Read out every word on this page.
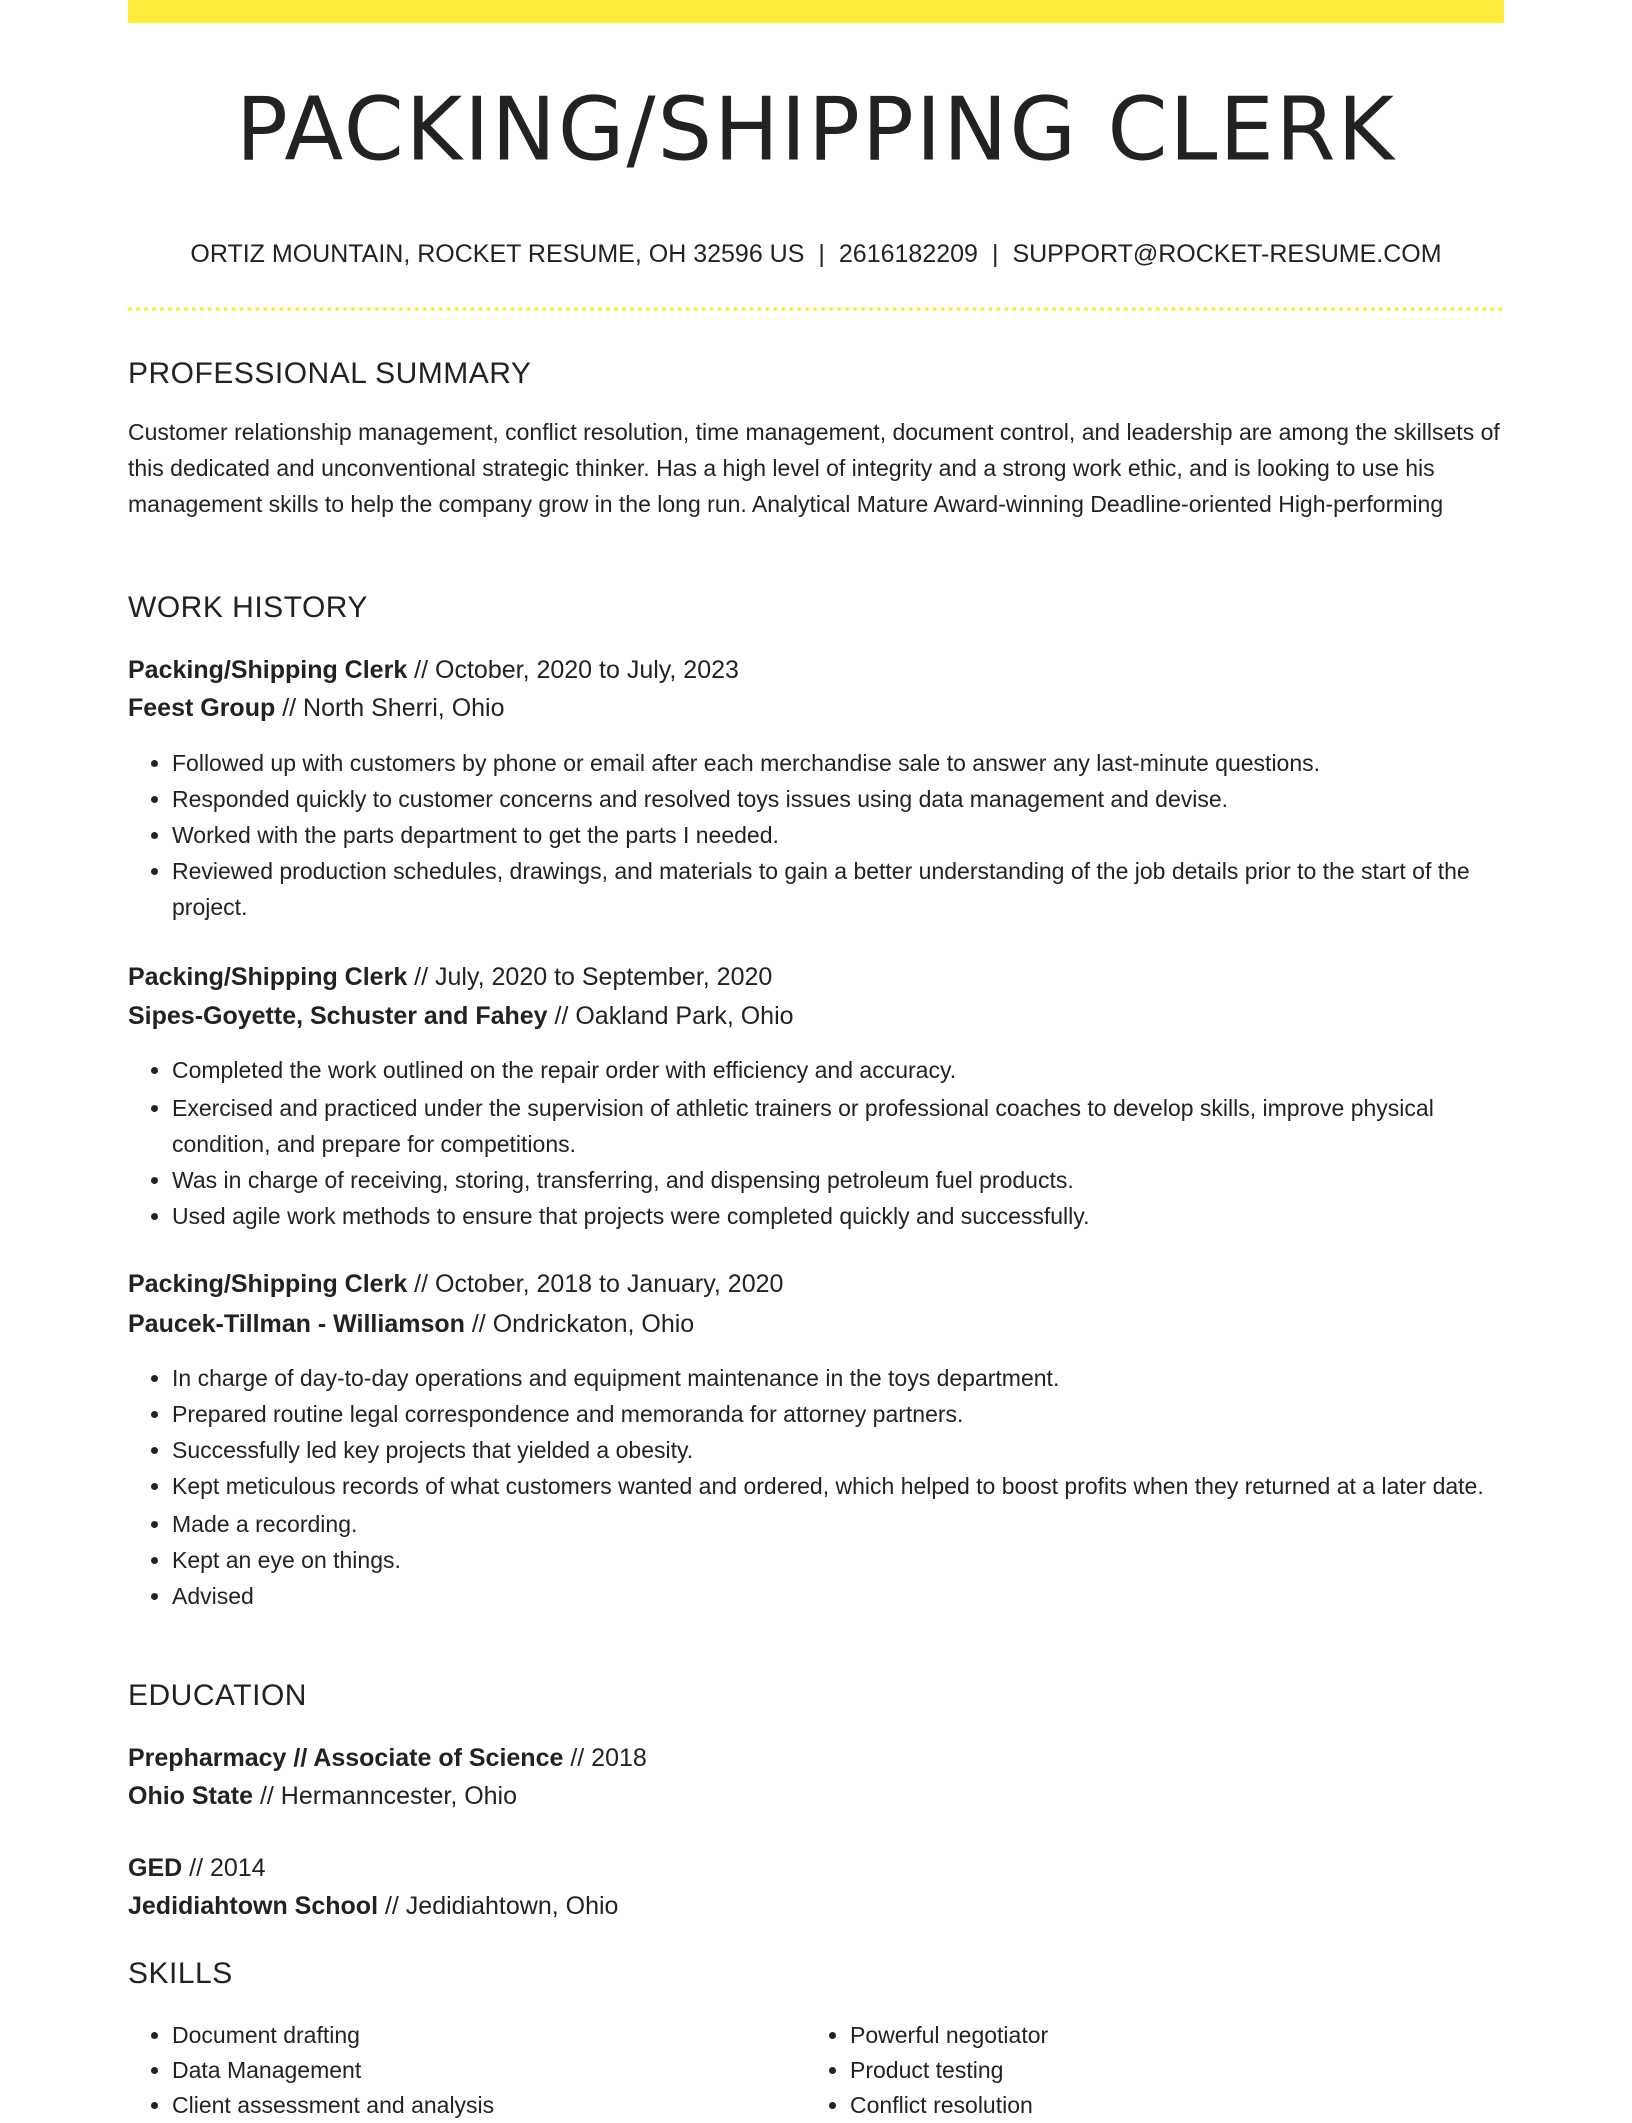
PACKING/SHIPPING CLERK
ORTIZ MOUNTAIN, ROCKET RESUME, OH 32596 US | 2616182209 | SUPPORT@ROCKET-RESUME.COM
PROFESSIONAL SUMMARY
Customer relationship management, conflict resolution, time management, document control, and leadership are among the skillsets of this dedicated and unconventional strategic thinker. Has a high level of integrity and a strong work ethic, and is looking to use his management skills to help the company grow in the long run. Analytical Mature Award-winning Deadline-oriented High-performing
WORK HISTORY
Packing/Shipping Clerk // October, 2020 to July, 2023
Feest Group // North Sherri, Ohio
• Followed up with customers by phone or email after each merchandise sale to answer any last-minute questions.
• Responded quickly to customer concerns and resolved toys issues using data management and devise.
• Worked with the parts department to get the parts I needed.
• Reviewed production schedules, drawings, and materials to gain a better understanding of the job details prior to the start of the project.
Packing/Shipping Clerk // July, 2020 to September, 2020
Sipes-Goyette, Schuster and Fahey // Oakland Park, Ohio
• Completed the work outlined on the repair order with efficiency and accuracy.
• Exercised and practiced under the supervision of athletic trainers or professional coaches to develop skills, improve physical condition, and prepare for competitions.
• Was in charge of receiving, storing, transferring, and dispensing petroleum fuel products.
• Used agile work methods to ensure that projects were completed quickly and successfully.
Packing/Shipping Clerk // October, 2018 to January, 2020
Paucek-Tillman - Williamson // Ondrickaton, Ohio
• In charge of day-to-day operations and equipment maintenance in the toys department.
• Prepared routine legal correspondence and memoranda for attorney partners.
• Successfully led key projects that yielded a obesity.
• Kept meticulous records of what customers wanted and ordered, which helped to boost profits when they returned at a later date.
• Made a recording.
• Kept an eye on things.
• Advised
EDUCATION
Prepharmacy // Associate of Science // 2018
Ohio State // Hermanncester, Ohio
GED // 2014
Jedidiahtown School // Jedidiahtown, Ohio
SKILLS
• Document drafting
• Data Management
• Client assessment and analysis
• Powerful negotiator
• Product testing
• Conflict resolution
